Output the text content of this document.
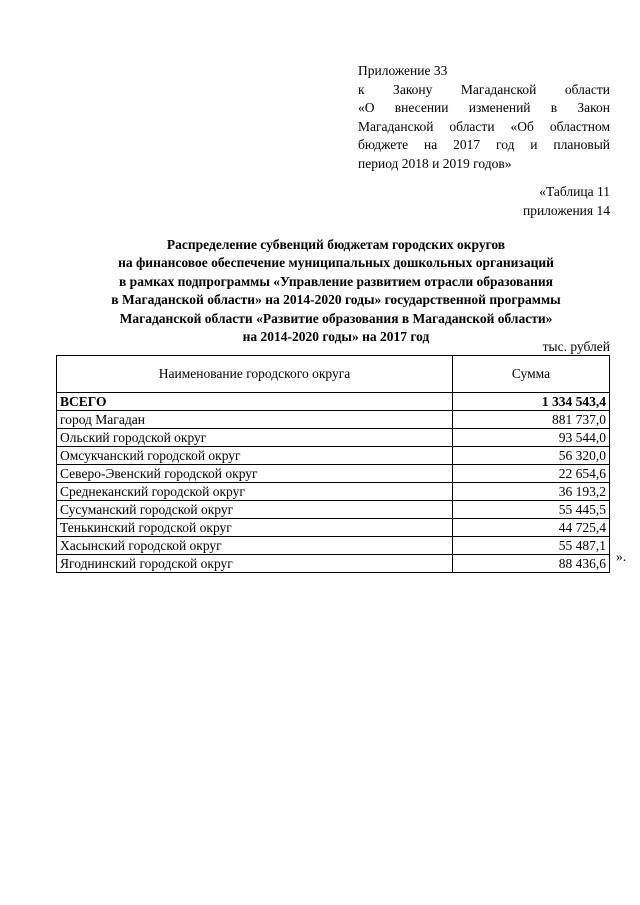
Приложение 33
к Закону Магаданской области
«О внесении изменений в Закон
Магаданской области «Об областном
бюджете на 2017 год и плановый
период 2018 и 2019 годов»
«Таблица 11
приложения 14
Распределение субвенций бюджетам городских округов
на финансовое обеспечение муниципальных дошкольных организаций
в рамках подпрограммы «Управление развитием отрасли образования
в Магаданской области» на 2014-2020 годы» государственной программы
Магаданской области «Развитие образования в Магаданской области»
на 2014-2020 годы» на 2017 год
тыс. рублей
Наименование городского округа	Сумма
ВСЕГО	1 334 543,4
город Магадан	881 737,0
Ольский городской округ	93 544,0
Омсукчанский городской округ	56 320,0
Северо-Эвенский городской округ	22 654,6
Среднеканский городской округ	36 193,2
Сусуманский городской округ	55 445,5
Тенькинский городской округ	44 725,4
Хасынский городской округ	55 487,1
Ягоднинский городской округ	88 436,6 ».
